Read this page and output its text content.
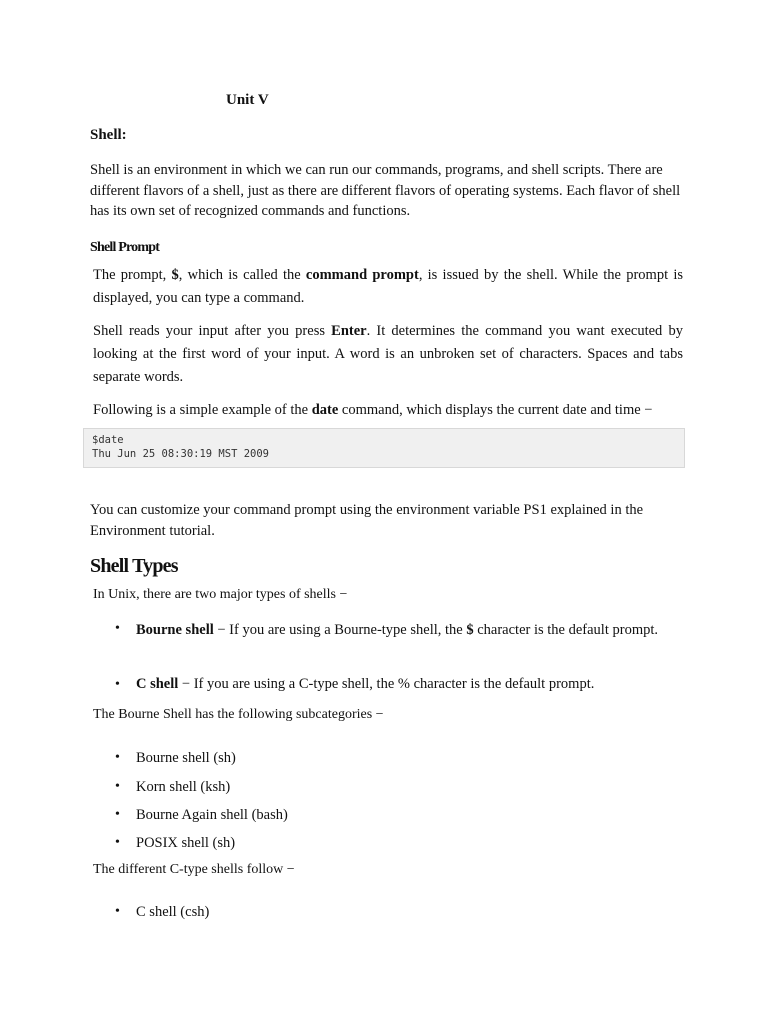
Unit V

Shell:

Shell is an environment in which we can run our commands, programs, and shell scripts. There are different flavors of a shell, just as there are different flavors of operating systems. Each flavor of shell has its own set of recognized commands and functions.

Shell Prompt

The prompt, $, which is called the command prompt, is issued by the shell. While the prompt is displayed, you can type a command.

Shell reads your input after you press Enter. It determines the command you want executed by looking at the first word of your input. A word is an unbroken set of characters. Spaces and tabs separate words.

Following is a simple example of the date command, which displays the current date and time −

$date
Thu Jun 25 08:30:19 MST 2009

You can customize your command prompt using the environment variable PS1 explained in the Environment tutorial.

Shell Types

In Unix, there are two major types of shells −

• Bourne shell − If you are using a Bourne-type shell, the $ character is the default prompt.

• C shell − If you are using a C-type shell, the % character is the default prompt.

The Bourne Shell has the following subcategories −

• Bourne shell (sh)

• Korn shell (ksh)

• Bourne Again shell (bash)

• POSIX shell (sh)

The different C-type shells follow −

• C shell (csh)
